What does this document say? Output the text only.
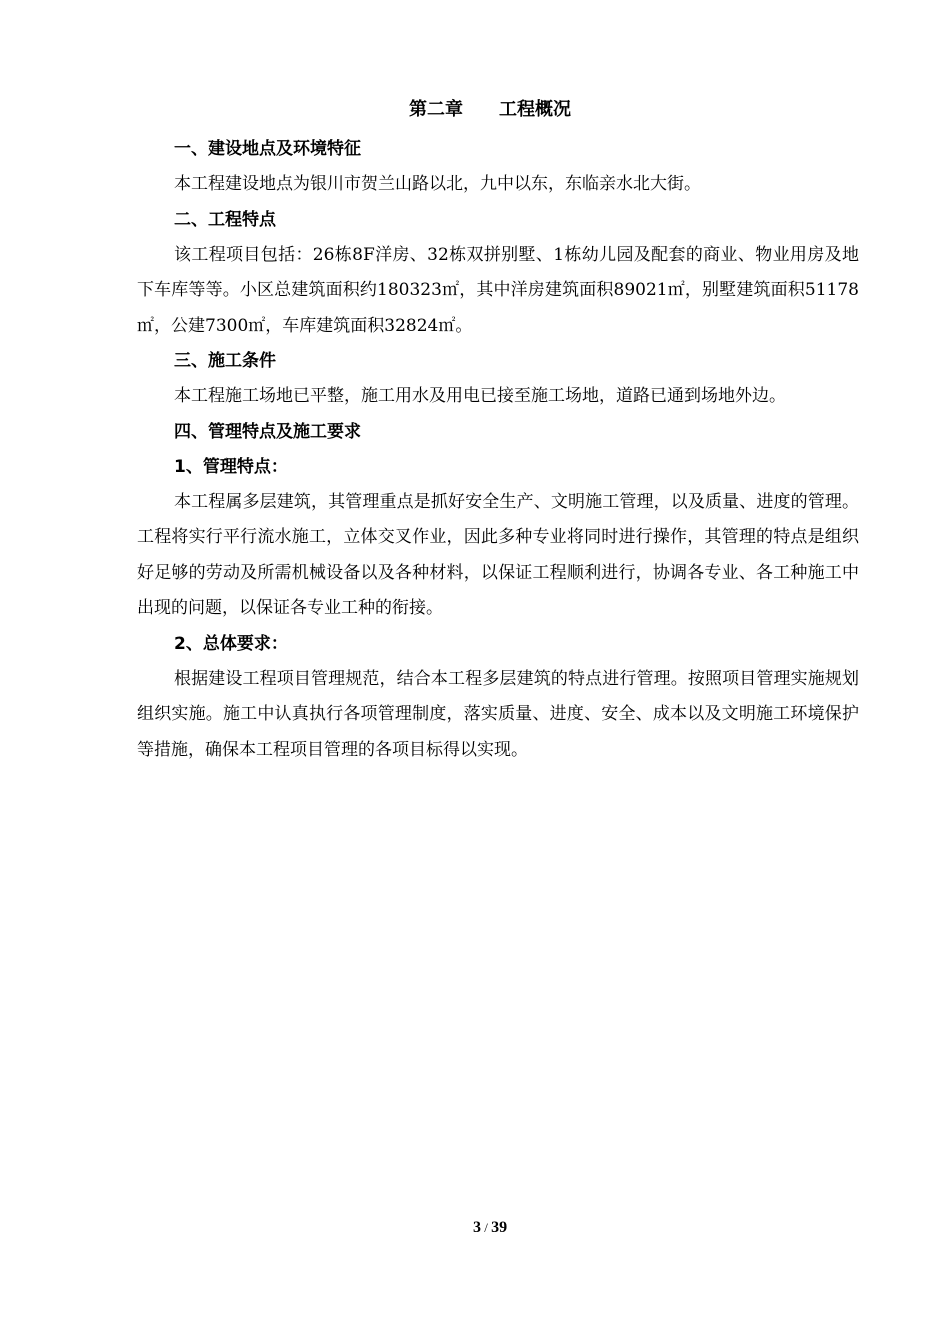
第二章　　工程概况

一、建设地点及环境特征

本工程建设地点为银川市贺兰山路以北，九中以东，东临亲水北大街。

二、工程特点

该工程项目包括：26栋8F洋房、32栋双拼别墅、1栋幼儿园及配套的商业、物业用房及地下车库等等。小区总建筑面积约180323㎡，其中洋房建筑面积89021㎡，别墅建筑面积51178㎡，公建7300㎡，车库建筑面积32824㎡。

三、施工条件

本工程施工场地已平整，施工用水及用电已接至施工场地，道路已通到场地外边。

四、管理特点及施工要求

1、管理特点：

本工程属多层建筑，其管理重点是抓好安全生产、文明施工管理，以及质量、进度的管理。工程将实行平行流水施工，立体交叉作业，因此多种专业将同时进行操作，其管理的特点是组织好足够的劳动及所需机械设备以及各种材料，以保证工程顺利进行，协调各专业、各工种施工中出现的问题，以保证各专业工种的衔接。

2、总体要求：

根据建设工程项目管理规范，结合本工程多层建筑的特点进行管理。按照项目管理实施规划组织实施。施工中认真执行各项管理制度，落实质量、进度、安全、成本以及文明施工环境保护等措施，确保本工程项目管理的各项目标得以实现。

3 / 39
